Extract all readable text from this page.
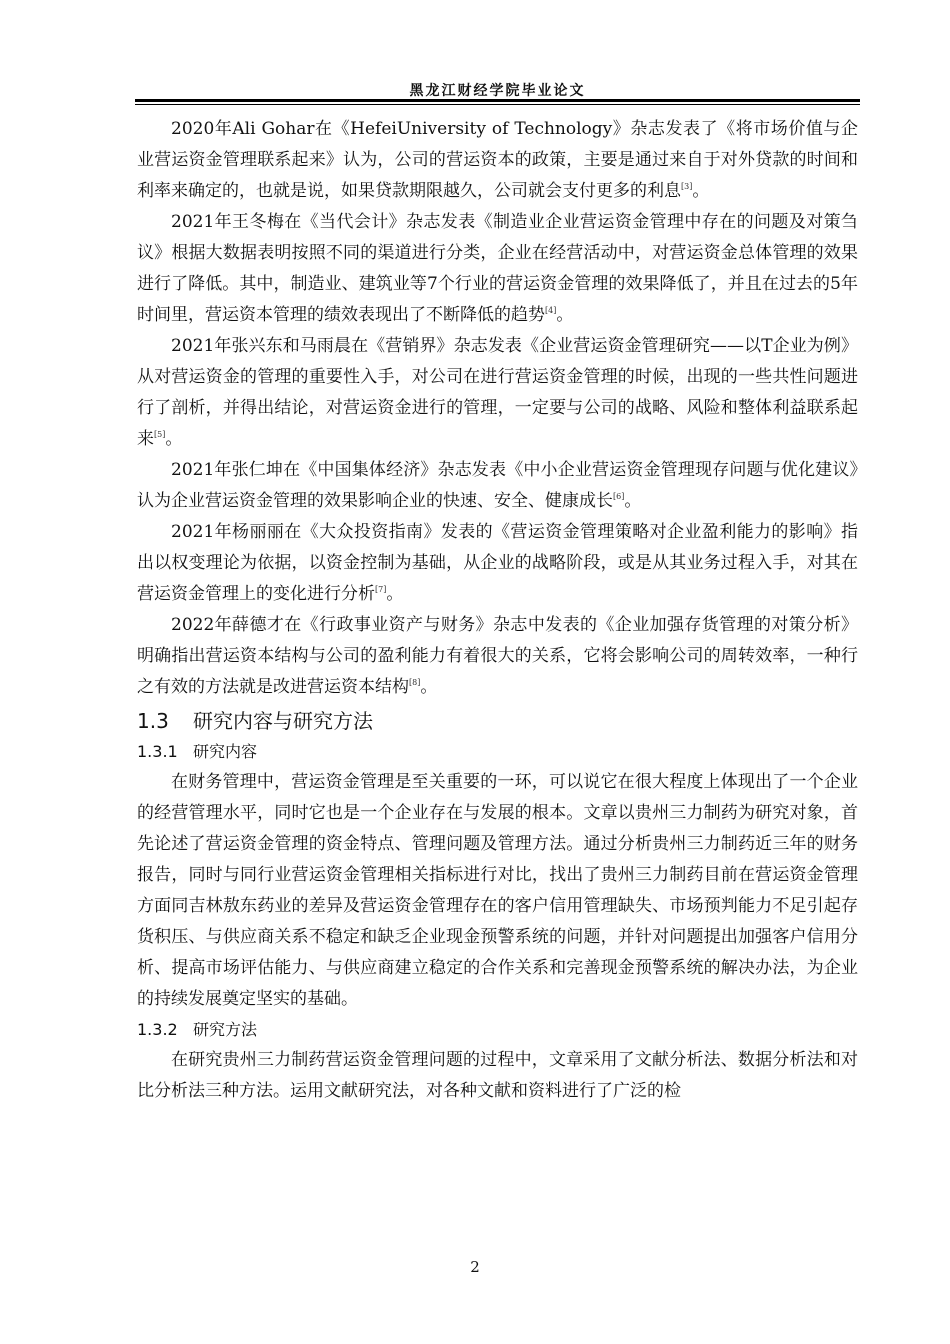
黑龙江财经学院毕业论文

2020年Ali Gohar在《HefeiUniversity of Technology》杂志发表了《将市场价值与企业营运资金管理联系起来》认为，公司的营运资本的政策，主要是通过来自于对外贷款的时间和利率来确定的，也就是说，如果贷款期限越久，公司就会支付更多的利息[3]。

2021年王冬梅在《当代会计》杂志发表《制造业企业营运资金管理中存在的问题及对策刍议》根据大数据表明按照不同的渠道进行分类，企业在经营活动中，对营运资金总体管理的效果进行了降低。其中，制造业、建筑业等7个行业的营运资金管理的效果降低了，并且在过去的5年时间里，营运资本管理的绩效表现出了不断降低的趋势[4]。

2021年张兴东和马雨晨在《营销界》杂志发表《企业营运资金管理研究——以T企业为例》从对营运资金的管理的重要性入手，对公司在进行营运资金管理的时候，出现的一些共性问题进行了剖析，并得出结论，对营运资金进行的管理，一定要与公司的战略、风险和整体利益联系起来[5]。

2021年张仁坤在《中国集体经济》杂志发表《中小企业营运资金管理现存问题与优化建议》认为企业营运资金管理的效果影响企业的快速、安全、健康成长[6]。

2021年杨丽丽在《大众投资指南》发表的《营运资金管理策略对企业盈利能力的影响》指出以权变理论为依据，以资金控制为基础，从企业的战略阶段，或是从其业务过程入手，对其在营运资金管理上的变化进行分析[7]。

2022年薛德才在《行政事业资产与财务》杂志中发表的《企业加强存货管理的对策分析》明确指出营运资本结构与公司的盈利能力有着很大的关系，它将会影响公司的周转效率，一种行之有效的方法就是改进营运资本结构[8]。

1.3 研究内容与研究方法
1.3.1 研究内容

在财务管理中，营运资金管理是至关重要的一环，可以说它在很大程度上体现出了一个企业的经营管理水平，同时它也是一个企业存在与发展的根本。文章以贵州三力制药为研究对象，首先论述了营运资金管理的资金特点、管理问题及管理方法。通过分析贵州三力制药近三年的财务报告，同时与同行业营运资金管理相关指标进行对比，找出了贵州三力制药目前在营运资金管理方面同吉林敖东药业的差异及营运资金管理存在的客户信用管理缺失、市场预判能力不足引起存货积压、与供应商关系不稳定和缺乏企业现金预警系统的问题，并针对问题提出加强客户信用分析、提高市场评估能力、与供应商建立稳定的合作关系和完善现金预警系统的解决办法，为企业的持续发展奠定坚实的基础。

1.3.2 研究方法

在研究贵州三力制药营运资金管理问题的过程中，文章采用了文献分析法、数据分析法和对比分析法三种方法。运用文献研究法，对各种文献和资料进行了广泛的检

2
